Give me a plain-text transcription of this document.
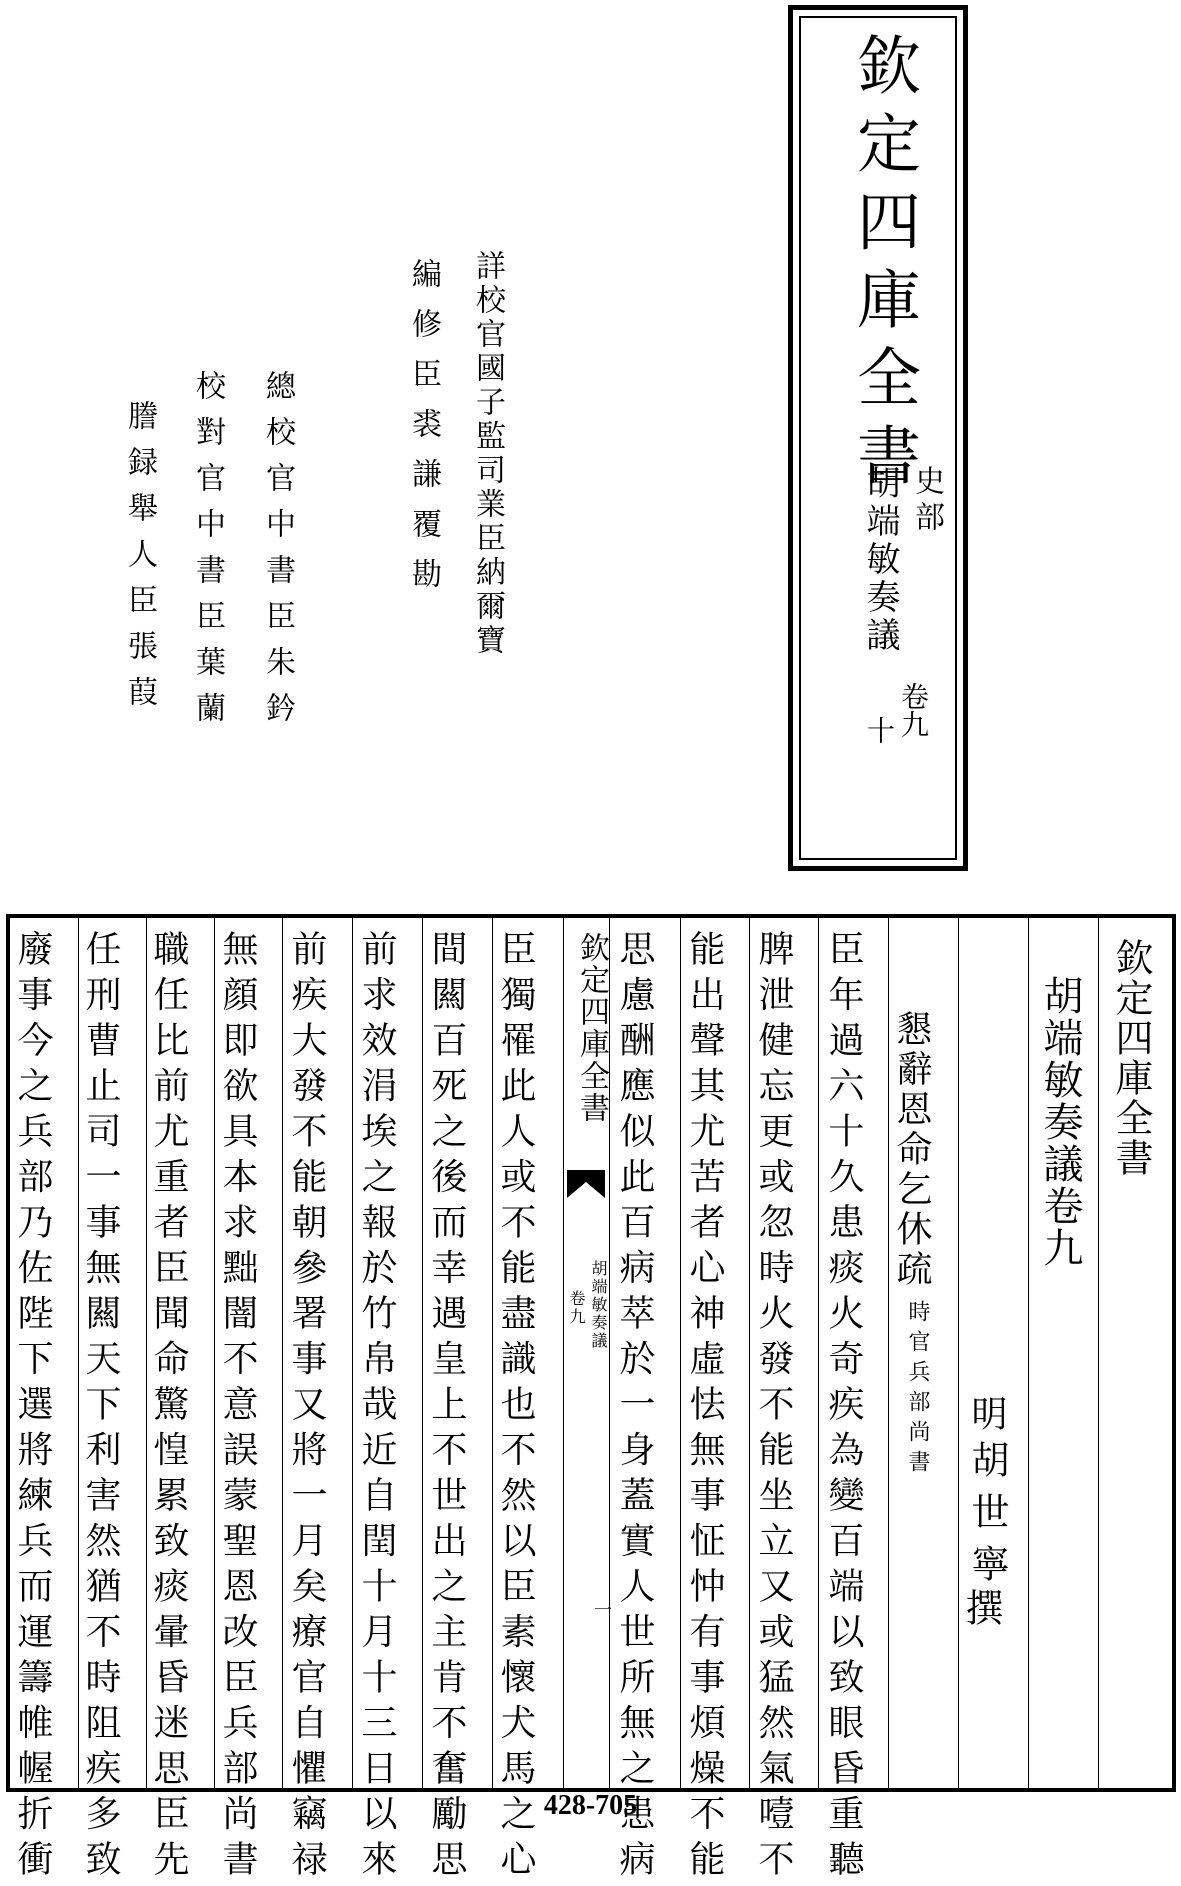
欽定四庫全書
史部
胡端敏奏議
卷九
十
詳校官國子監司業臣納爾寶
編修臣裘謙覆勘
總校官中書臣朱鈐
校對官中書臣葉蘭
謄録舉人臣張葭
欽定四庫全書
胡端敏奏議
卷九
一
欽定四庫全書
胡端敏奏議卷九
明
胡世寧
撰
懇辭恩命乞休疏
時官兵部尚書
臣年過六十久患痰火奇疾為變百端以致眼昏重聽
脾泄健忘更或忽時火發不能坐立又或猛然氣噎不
能出聲其尤苦者心神虛怯無事怔忡有事煩燥不能
思慮酬應似此百病萃於一身蓋實人世所無之患病
臣獨罹此人或不能盡識也不然以臣素懷犬馬之心
間闗百死之後而幸遇皇上不世出之主肯不奮勵思
前求效涓埃之報於竹帛哉近自閏十月十三日以來
前疾大發不能朝參署事又將一月矣療官自懼竊禄
無顔即欲具本求黜闇不意誤蒙聖恩改臣兵部尚書
職任比前尤重者臣聞命驚惶累致痰暈昏迷思臣先
任刑曹止司一事無闗天下利害然猶不時阻疾多致
廢事今之兵部乃佐陛下選將練兵而運籌帷幄折衝	428-705
